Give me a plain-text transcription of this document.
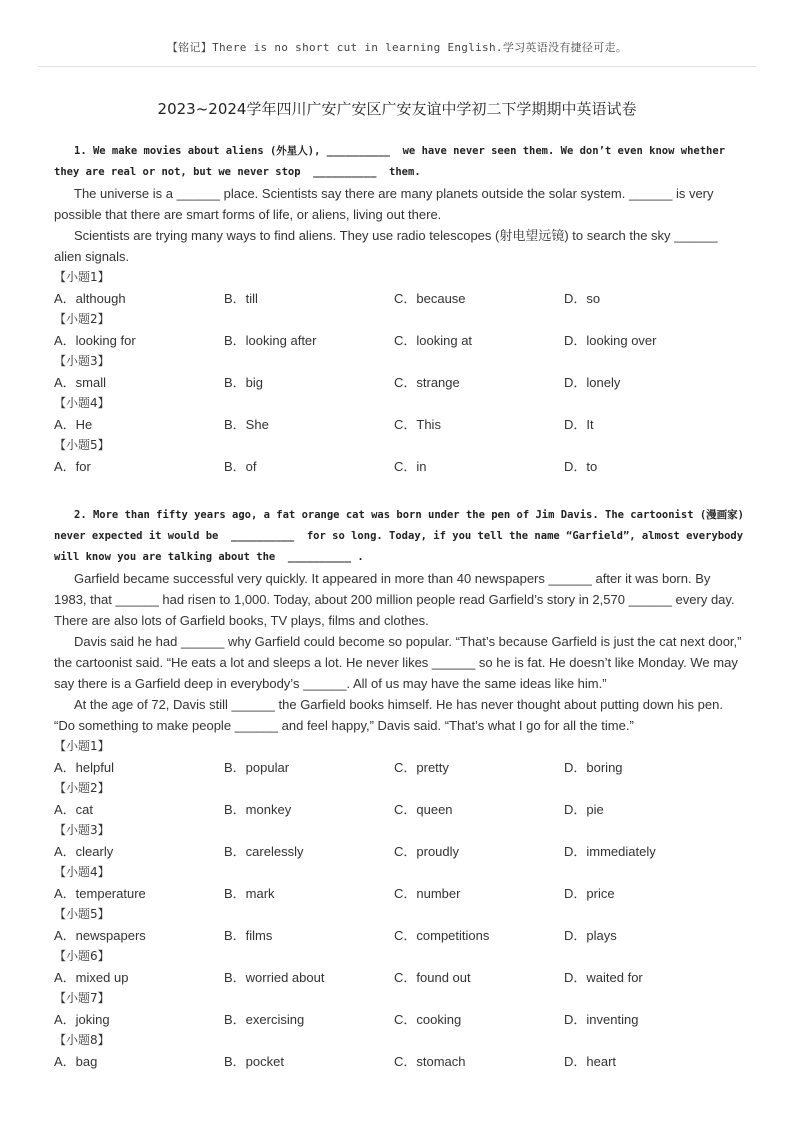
【铭记】There is no short cut in learning English.学习英语没有捷径可走。
2023~2024学年四川广安广安区广安友谊中学初二下学期期中英语试卷

1. We make movies about aliens (外星人), __________  we have never seen them. We don’t even know whether they are real or not, but we never stop  __________  them.

The universe is a ______ place. Scientists say there are many planets outside the solar system. ______ is very possible that there are smart forms of life, or aliens, living out there.

Scientists are trying many ways to find aliens. They use radio telescopes (射电望远镜) to search the sky ______ alien signals.

【小题1】

A．although	B．till	C．because	D．so

【小题2】

A．looking for	B．looking after	C．looking at	D．looking over

【小题3】

A．small	B．big	C．strange	D．lonely

【小题4】

A．He	B．She	C．This	D．It

【小题5】

A．for	B．of	C．in	D．to

2. More than fifty years ago, a fat orange cat was born under the pen of Jim Davis. The cartoonist (漫画家) never expected it would be  __________  for so long. Today, if you tell the name “Garfield”, almost everybody will know you are talking about the  __________ .

Garfield became successful very quickly. It appeared in more than 40 newspapers ______ after it was born. By 1983, that ______ had risen to 1,000. Today, about 200 million people read Garfield’s story in 2,570 ______ every day. There are also lots of Garfield books, TV plays, films and clothes.

Davis said he had ______ why Garfield could become so popular. “That’s because Garfield is just the cat next door,” the cartoonist said. “He eats a lot and sleeps a lot. He never likes ______ so he is fat. He doesn’t like Monday. We may say there is a Garfield deep in everybody’s ______. All of us may have the same ideas like him.”

At the age of 72, Davis still ______ the Garfield books himself. He has never thought about putting down his pen. “Do something to make people ______ and feel happy,” Davis said. “That’s what I go for all the time.”

【小题1】

A．helpful	B．popular	C．pretty	D．boring

【小题2】

A．cat	B．monkey	C．queen	D．pie

【小题3】

A．clearly	B．carelessly	C．proudly	D．immediately

【小题4】

A．temperature	B．mark	C．number	D．price

【小题5】

A．newspapers	B．films	C．competitions	D．plays

【小题6】

A．mixed up	B．worried about	C．found out	D．waited for

【小题7】

A．joking	B．exercising	C．cooking	D．inventing

【小题8】

A．bag	B．pocket	C．stomach	D．heart
